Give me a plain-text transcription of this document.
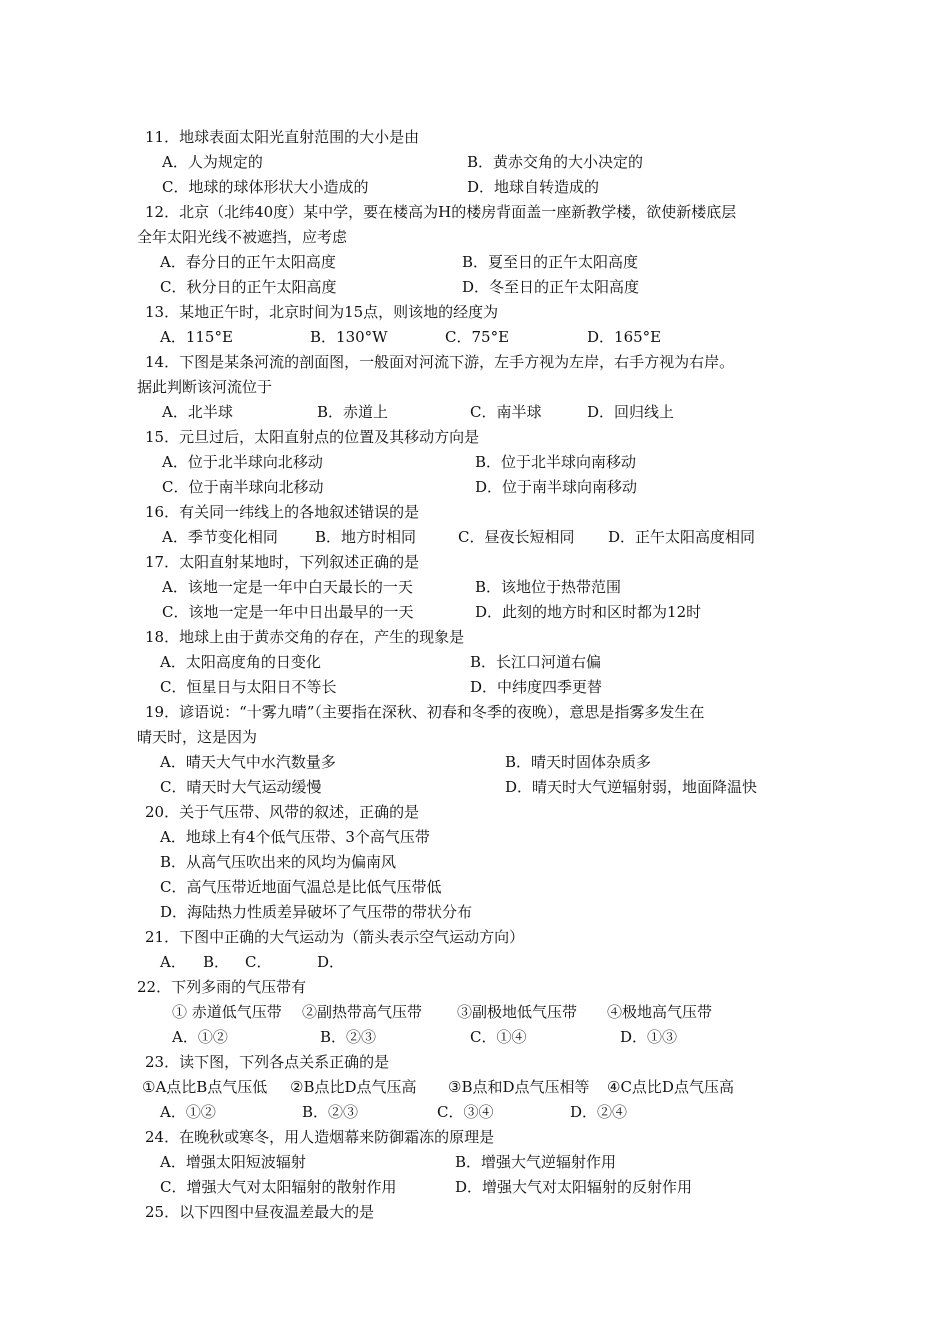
11．地球表面太阳光直射范围的大小是由
A．人为规定的	B．黄赤交角的大小决定的
C．地球的球体形状大小造成的	D．地球自转造成的
12．北京（北纬40度）某中学，要在楼高为H的楼房背面盖一座新教学楼，欲使新楼底层
全年太阳光线不被遮挡，应考虑
A．春分日的正午太阳高度	B．夏至日的正午太阳高度
C．秋分日的正午太阳高度	D．冬至日的正午太阳高度
13．某地正午时，北京时间为15点，则该地的经度为
A．115°E	B．130°W	C．75°E	D．165°E
14．下图是某条河流的剖面图，一般面对河流下游，左手方视为左岸，右手方视为右岸。
据此判断该河流位于
A．北半球	B．赤道上	C．南半球	D．回归线上
15．元旦过后，太阳直射点的位置及其移动方向是
A．位于北半球向北移动	B．位于北半球向南移动
C．位于南半球向北移动	D．位于南半球向南移动
16．有关同一纬线上的各地叙述错误的是
A．季节变化相同 B．地方时相同	C．昼夜长短相同 D．正午太阳高度相同
17．太阳直射某地时，下列叙述正确的是
A．该地一定是一年中白天最长的一天	B．该地位于热带范围
C．该地一定是一年中日出最早的一天	D．此刻的地方时和区时都为12时
18．地球上由于黄赤交角的存在，产生的现象是
A．太阳高度角的日变化	B．长江口河道右偏
C．恒星日与太阳日不等长	D．中纬度四季更替
19．谚语说：“十雾九晴”（主要指在深秋、初春和冬季的夜晚），意思是指雾多发生在
晴天时，这是因为
A．晴天大气中水汽数量多	B．晴天时固体杂质多
C．晴天时大气运动缓慢	D．晴天时大气逆辐射弱，地面降温快
20．关于气压带、风带的叙述，正确的是
A．地球上有4个低气压带、3个高气压带
B．从高气压吹出来的风均为偏南风
C．高气压带近地面气温总是比低气压带低
D．海陆热力性质差异破坏了气压带的带状分布
21．下图中正确的大气运动为（箭头表示空气运动方向）
A． B． C．	D．
22．下列多雨的气压带有
① 赤道低气压带 ②副热带高气压带 ③副极地低气压带 ④极地高气压带
A．①②	B．②③	C．①④	D．①③
23．读下图，下列各点关系正确的是
①A点比B点气压低 ②B点比D点气压高 ③B点和D点气压相等 ④C点比D点气压高
A．①②	B．②③	C．③④	D．②④
24．在晚秋或寒冬，用人造烟幕来防御霜冻的原理是
A．增强太阳短波辐射	B．增强大气逆辐射作用
C．增强大气对太阳辐射的散射作用	D．增强大气对太阳辐射的反射作用
25．以下四图中昼夜温差最大的是
